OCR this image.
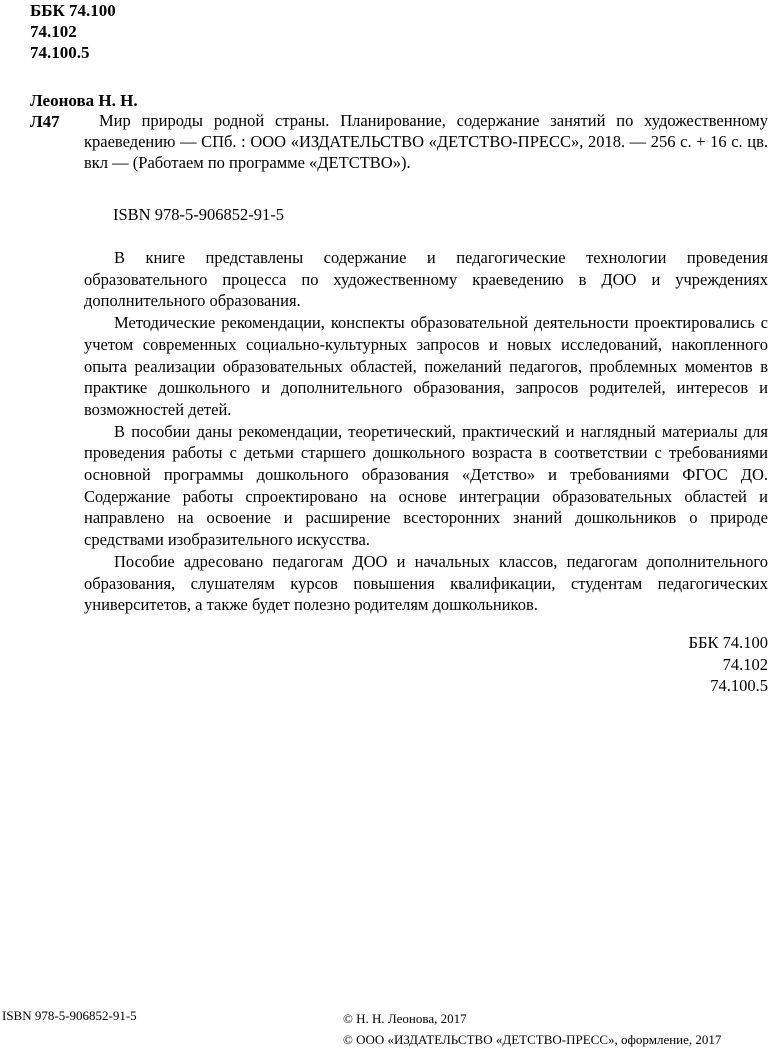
ББК 74.100
74.102
74.100.5
Леонова Н. Н.
Л47	Мир природы родной страны. Планирование, содержание занятий по художественному краеведению — СПб. : ООО «ИЗДАТЕЛЬСТВО «ДЕТСТВО-ПРЕСС», 2018. — 256 с. + 16 с. цв. вкл — (Работаем по программе «ДЕТСТВО»).
ISBN 978-5-906852-91-5

В книге представлены содержание и педагогические технологии проведения образовательного процесса по художественному краеведению в ДОО и учреждениях дополнительного образования.

Методические рекомендации, конспекты образовательной деятельности проектировались с учетом современных социально-культурных запросов и новых исследований, накопленного опыта реализации образовательных областей, пожеланий педагогов, проблемных моментов в практике дошкольного и дополнительного образования, запросов родителей, интересов и возможностей детей.

В пособии даны рекомендации, теоретический, практический и наглядный материалы для проведения работы с детьми старшего дошкольного возраста в соответствии с требованиями основной программы дошкольного образования «Детство» и требованиями ФГОС ДО. Содержание работы спроектировано на основе интеграции образовательных областей и направлено на освоение и расширение всесторонних знаний дошкольников о природе средствами изобразительного искусства.

Пособие адресовано педагогам ДОО и начальных классов, педагогам дополнительного образования, слушателям курсов повышения квалификации, студентам педагогических университетов, а также будет полезно родителям дошкольников.

ББК 74.100
74.102
74.100.5
ISBN 978-5-906852-91-5	© Н. Н. Леонова, 2017
© ООО «ИЗДАТЕЛЬСТВО «ДЕТСТВО-ПРЕСС», оформление, 2017
